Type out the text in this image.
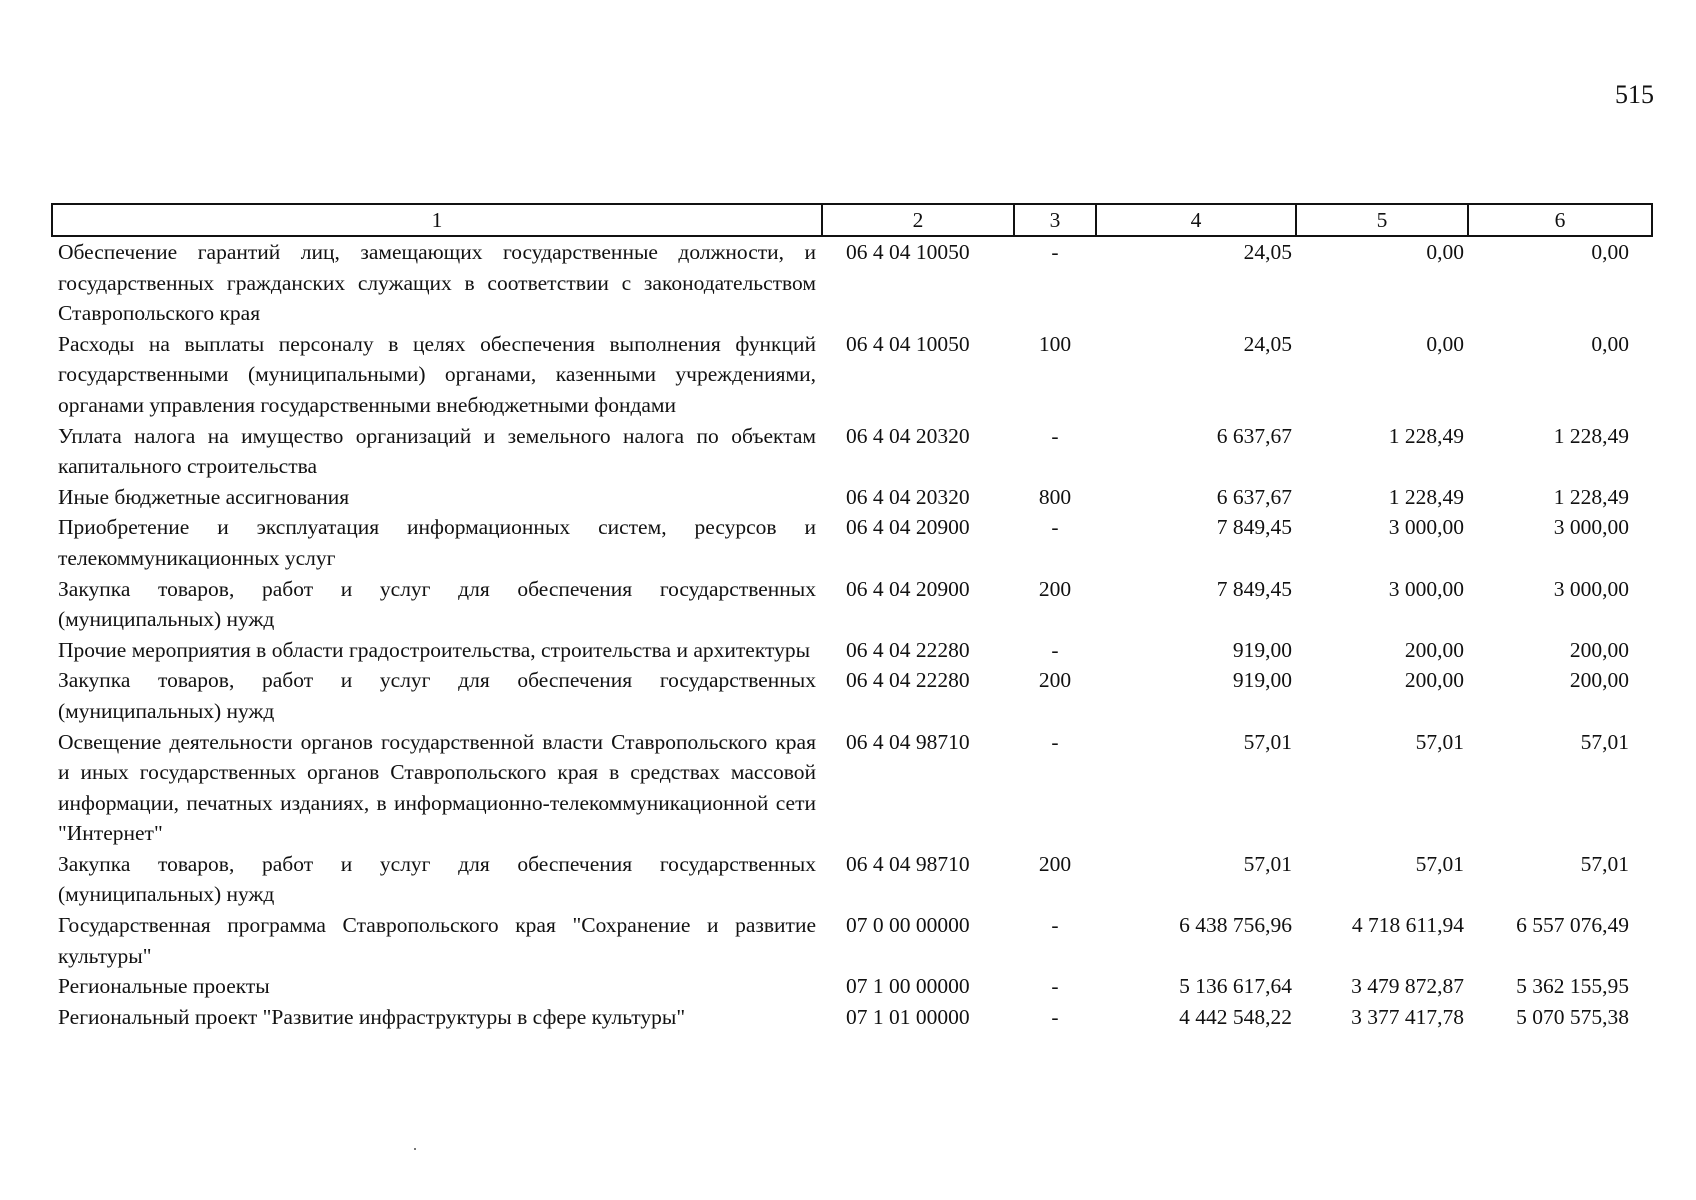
515
1	2	3	4	5	6
Обеспечение гарантий лиц, замещающих государственные должности, и государственных гражданских служащих в соответствии с законодательством Ставропольского края	06 4 04 10050	-	24,05	0,00	0,00
Расходы на выплаты персоналу в целях обеспечения выполнения функций государственными (муниципальными) органами, казенными учреждениями, органами управления государственными внебюджетными фондами	06 4 04 10050	100	24,05	0,00	0,00
Уплата налога на имущество организаций и земельного налога по объектам капитального строительства	06 4 04 20320	-	6 637,67	1 228,49	1 228,49
Иные бюджетные ассигнования	06 4 04 20320	800	6 637,67	1 228,49	1 228,49
Приобретение и эксплуатация информационных систем, ресурсов и телекоммуникационных услуг	06 4 04 20900	-	7 849,45	3 000,00	3 000,00
Закупка товаров, работ и услуг для обеспечения государственных (муниципальных) нужд	06 4 04 20900	200	7 849,45	3 000,00	3 000,00
Прочие мероприятия в области градостроительства, строительства и архитектуры	06 4 04 22280	-	919,00	200,00	200,00
Закупка товаров, работ и услуг для обеспечения государственных (муниципальных) нужд	06 4 04 22280	200	919,00	200,00	200,00
Освещение деятельности органов государственной власти Ставропольского края и иных государственных органов Ставропольского края в средствах массовой информации, печатных изданиях, в информационно-телекоммуникационной сети "Интернет"	06 4 04 98710	-	57,01	57,01	57,01
Закупка товаров, работ и услуг для обеспечения государственных (муниципальных) нужд	06 4 04 98710	200	57,01	57,01	57,01
Государственная программа Ставропольского края "Сохранение и развитие культуры"	07 0 00 00000	-	6 438 756,96	4 718 611,94	6 557 076,49
Региональные проекты	07 1 00 00000	-	5 136 617,64	3 479 872,87	5 362 155,95
Региональный проект "Развитие инфраструктуры в сфере культуры"	07 1 01 00000	-	4 442 548,22	3 377 417,78	5 070 575,38
